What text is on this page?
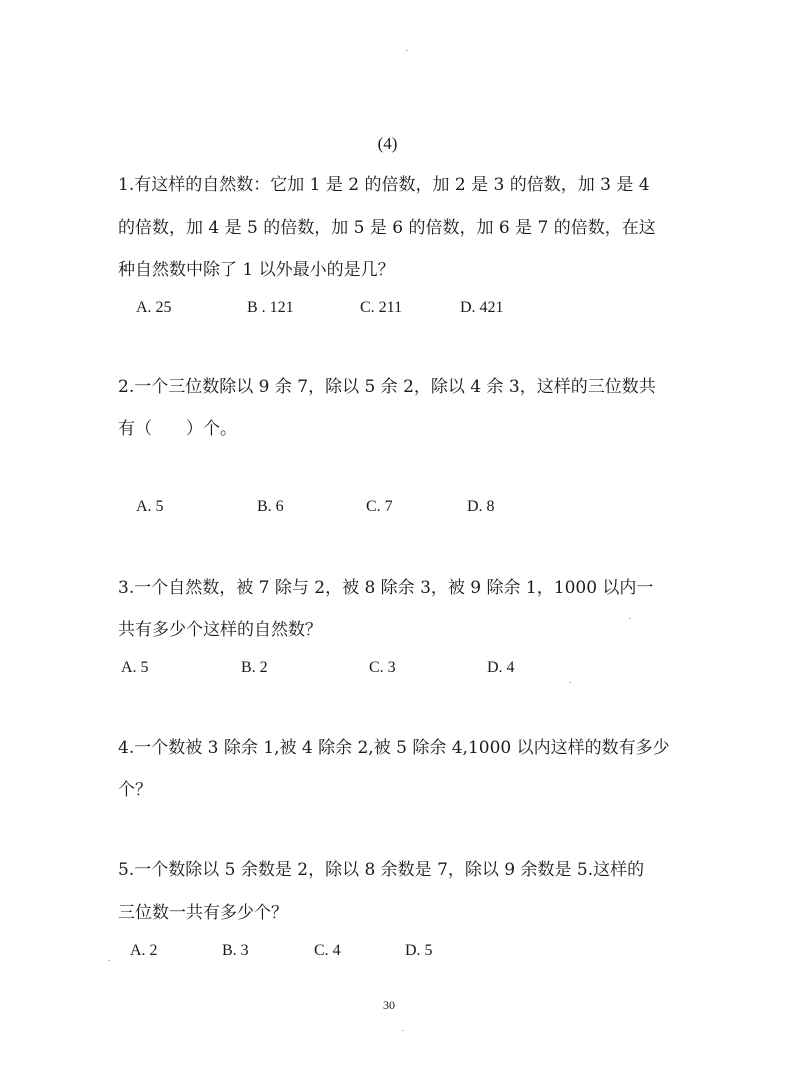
(4)
1.有这样的自然数：它加 1 是 2 的倍数，加 2 是 3 的倍数，加 3 是 4
的倍数，加 4 是 5 的倍数，加 5 是 6 的倍数，加 6 是 7 的倍数，在这
种自然数中除了 1 以外最小的是几？
A. 25	B . 121	C. 211	D. 421
2.一个三位数除以 9 余 7，除以 5 余 2，除以 4 余 3，这样的三位数共
有（　　）个。
A. 5	B. 6	C. 7	D. 8
3.一个自然数，被 7 除与 2，被 8 除余 3，被 9 除余 1，1000 以内一
共有多少个这样的自然数？
A. 5	B. 2	C. 3	D. 4
4.一个数被 3 除余 1,被 4 除余 2,被 5 除余 4,1000 以内这样的数有多少
个？
5.一个数除以 5 余数是 2，除以 8 余数是 7，除以 9 余数是 5.这样的
三位数一共有多少个？
A. 2	B. 3	C. 4	D. 5
30
